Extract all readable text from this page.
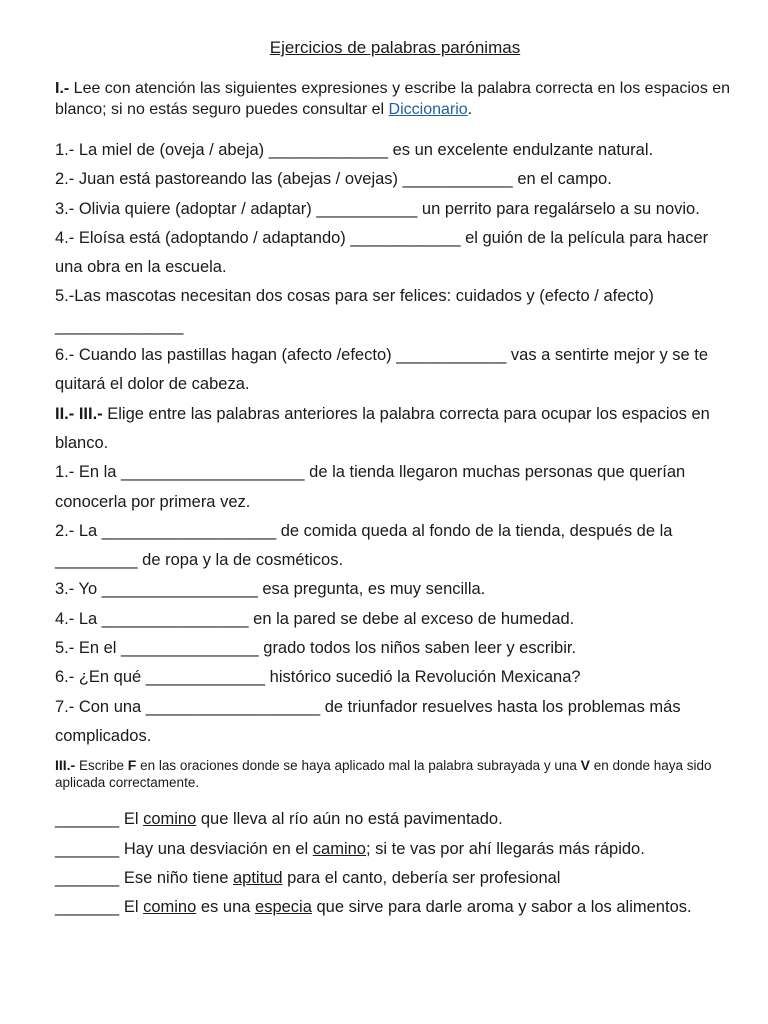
Ejercicios de palabras parónimas

I.- Lee con atención las siguientes expresiones y escribe la palabra correcta en los espacios en blanco; si no estás seguro puedes consultar el Diccionario.

1.- La miel de (oveja / abeja) _____________ es un excelente endulzante natural.

2.- Juan está pastoreando las (abejas / ovejas) ____________ en el campo.

3.- Olivia quiere (adoptar / adaptar) ___________ un perrito para regalárselo a su novio.

4.- Eloísa está (adoptando / adaptando) ____________ el guión de la película para hacer una obra en la escuela.

5.-Las mascotas necesitan dos cosas para ser felices: cuidados y (efecto / afecto) ______________

6.- Cuando las pastillas hagan (afecto /efecto) ____________ vas a sentirte mejor y se te quitará el dolor de cabeza.

II.- III.- Elige entre las palabras anteriores la palabra correcta para ocupar los espacios en blanco.

1.- En la ____________________ de la tienda llegaron muchas personas que querían conocerla por primera vez.

2.- La ___________________ de comida queda al fondo de la tienda, después de la _________ de ropa y la de cosméticos.

3.- Yo _________________ esa pregunta, es muy sencilla.

4.- La ________________ en la pared se debe al exceso de humedad.

5.- En el _______________ grado todos los niños saben leer y escribir.

6.- ¿En qué _____________ histórico sucedió la Revolución Mexicana?

7.- Con una ___________________ de triunfador resuelves hasta los problemas más complicados.

III.- Escribe F en las oraciones donde se haya aplicado mal la palabra subrayada y una V en donde haya sido aplicada correctamente.

_______ El comino que lleva al río aún no está pavimentado.

_______ Hay una desviación en el camino; si te vas por ahí llegarás más rápido.

_______ Ese niño tiene aptitud para el canto, debería ser profesional

_______ El comino es una especia que sirve para darle aroma y sabor a los alimentos.
